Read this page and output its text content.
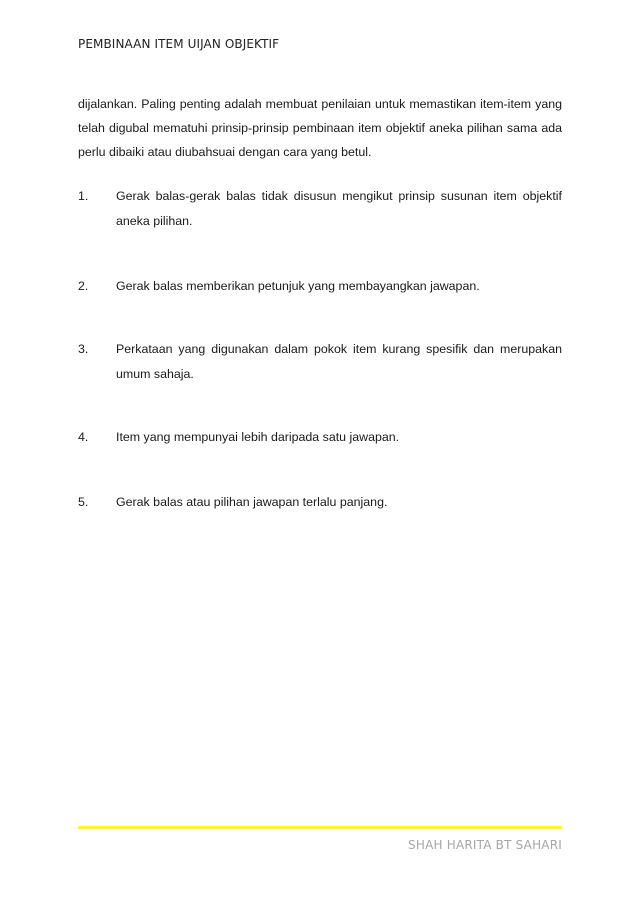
PEMBINAAN ITEM UIJAN OBJEKTIF

dijalankan. Paling penting adalah membuat penilaian untuk memastikan item-item yang telah digubal mematuhi prinsip-prinsip pembinaan item objektif aneka pilihan sama ada perlu dibaiki atau diubahsuai dengan cara yang betul.

1. Gerak balas-gerak balas tidak disusun mengikut prinsip susunan item objektif aneka pilihan.

2. Gerak balas memberikan petunjuk yang membayangkan jawapan.

3. Perkataan yang digunakan dalam pokok item kurang spesifik dan merupakan umum sahaja.

4. Item yang mempunyai lebih daripada satu jawapan.

5. Gerak balas atau pilihan jawapan terlalu panjang.

SHAH HARITA BT SAHARI
